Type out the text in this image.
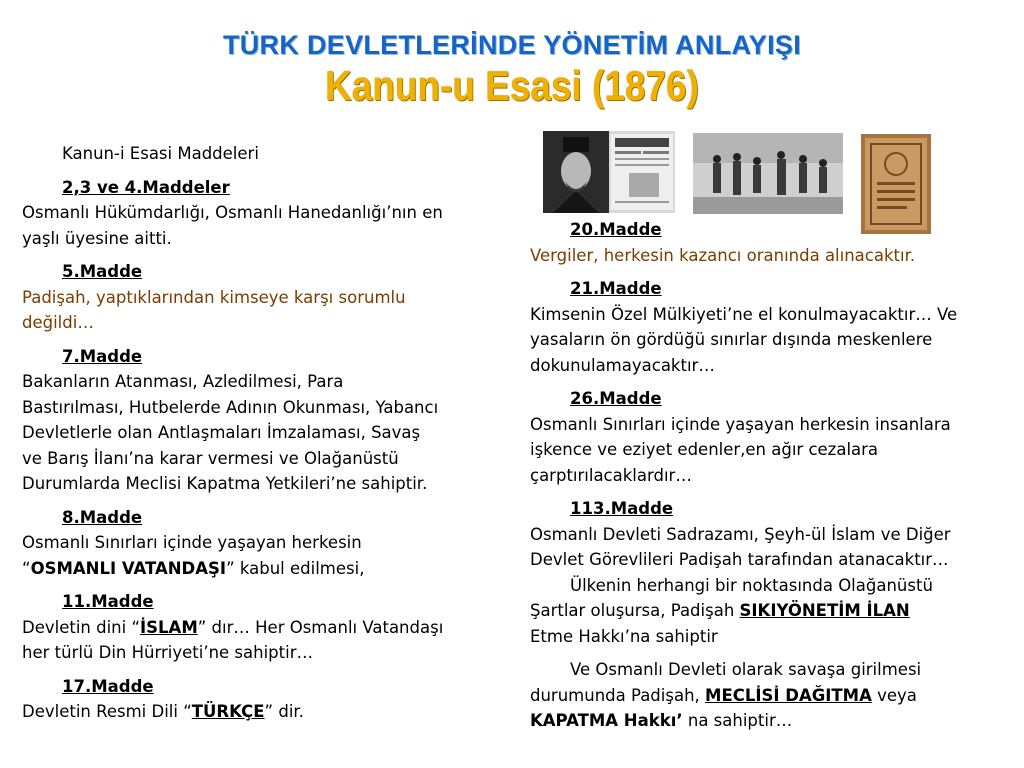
TÜRK DEVLETLERİNDE YÖNETİM ANLAYIŞI
Kanun-u Esasi (1876)

Kanun-i Esasi Maddeleri

2,3 ve 4.Maddeler

Osmanlı Hükümdarlığı, Osmanlı Hanedanlığı’nın en

yaşlı üyesine aitti.

5.Madde

Padişah, yaptıklarından kimseye karşı sorumlu

değildi…

7.Madde

Bakanların Atanması, Azledilmesi, Para

Bastırılması, Hutbelerde Adının Okunması, Yabancı

Devletlerle olan Antlaşmaları İmzalaması, Savaş

ve Barış İlanı’na karar vermesi ve Olağanüstü

Durumlarda Meclisi Kapatma Yetkileri’ne sahiptir.

8.Madde

Osmanlı Sınırları içinde yaşayan herkesin

“OSMANLI VATANDAŞI” kabul edilmesi,

11.Madde

Devletin dini “İSLAM” dır… Her Osmanlı Vatandaşı

her türlü Din Hürriyeti’ne sahiptir…

17.Madde

Devletin Resmi Dili “TÜRKÇE” dir.

20.Madde

Vergiler, herkesin kazancı oranında alınacaktır.

21.Madde

Kimsenin Özel Mülkiyeti’ne el konulmayacaktır… Ve

yasaların ön gördüğü sınırlar dışında meskenlere

dokunulamayacaktır…

26.Madde

Osmanlı Sınırları içinde yaşayan herkesin insanlara

işkence ve eziyet edenler,en ağır cezalara

çarptırılacaklardır…

113.Madde

Osmanlı Devleti Sadrazamı, Şeyh-ül İslam ve Diğer

Devlet Görevlileri Padişah tarafından atanacaktır…

Ülkenin herhangi bir noktasında Olağanüstü

Şartlar oluşursa, Padişah SIKIYÖNETİM İLAN

Etme Hakkı’na sahiptir

Ve Osmanlı Devleti olarak savaşa girilmesi

durumunda Padişah, MECLİSİ DAĞITMA veya

KAPATMA Hakkı’ na sahiptir…
